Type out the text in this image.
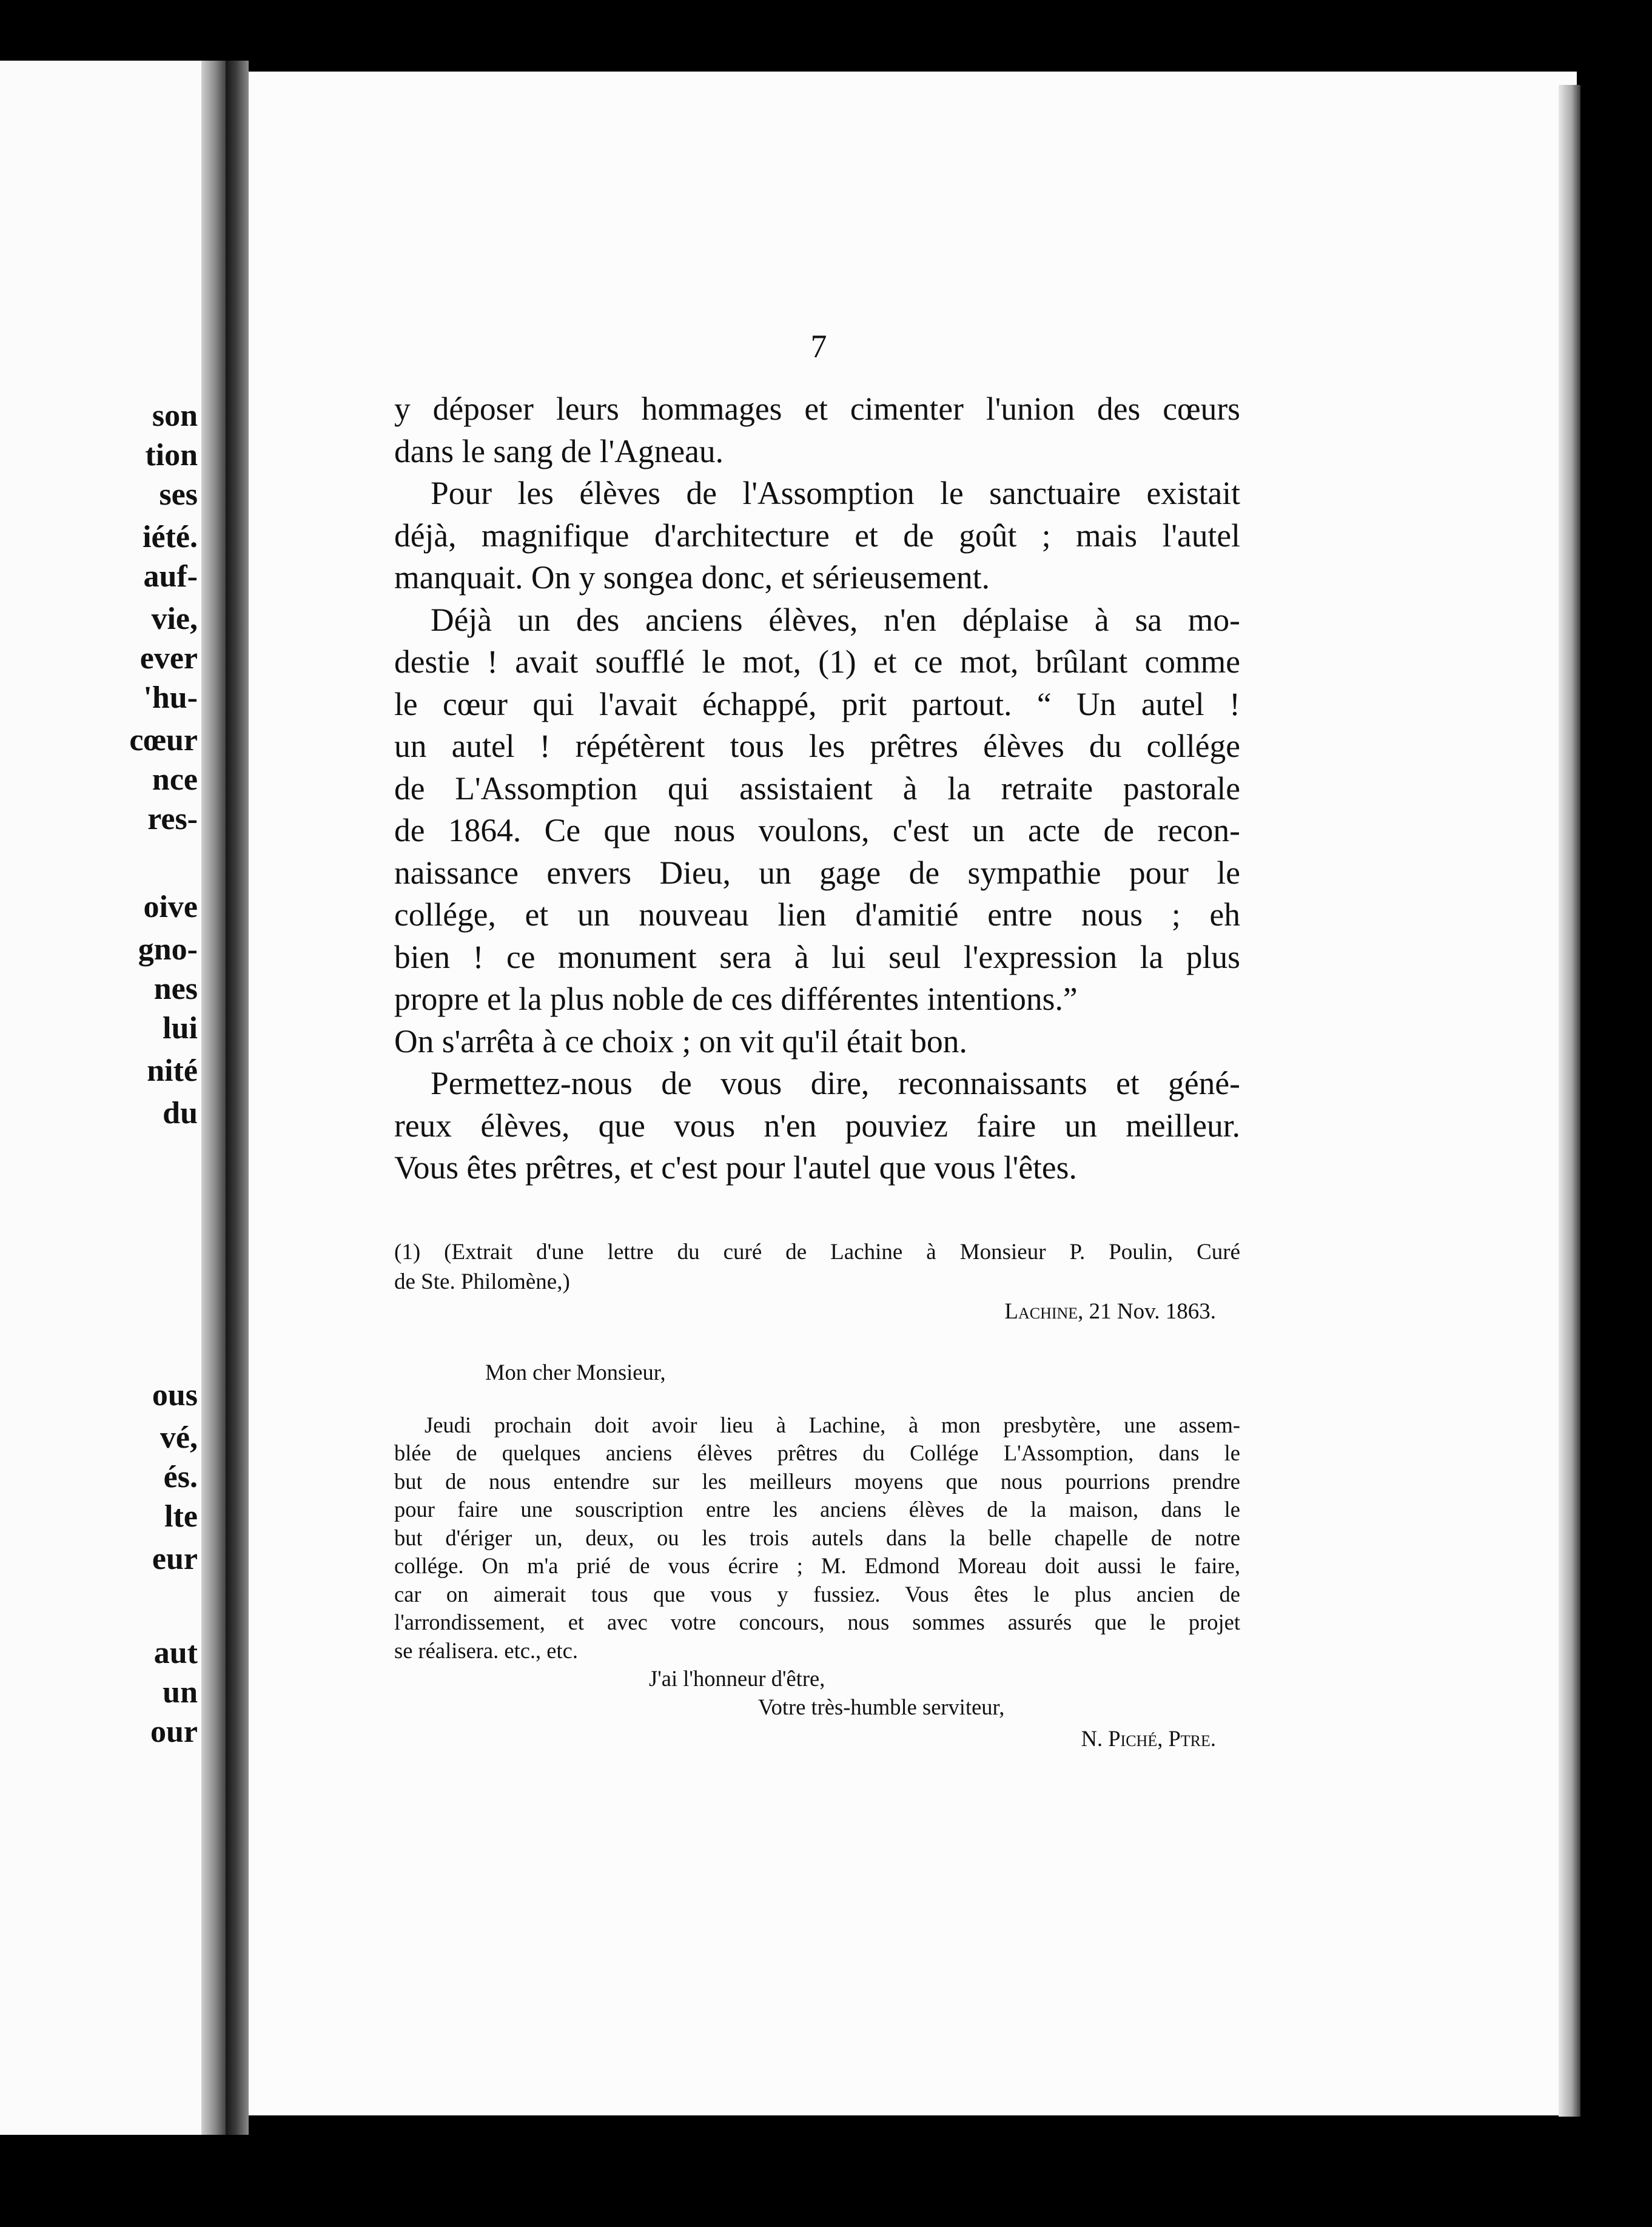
son
tion
ses
iété.
auf-
vie,
ever
'hu-
cœur
nce
res-
oive
gno-
nes
lui
nité
du
ous
vé,
és.
lte
eur
aut
un
our
7
y déposer leurs hommages et cimenter l'union des cœurs
dans le sang de l'Agneau.
Pour les élèves de l'Assomption le sanctuaire existait
déjà, magnifique d'architecture et de goût ; mais l'autel
manquait. On y songea donc, et sérieusement.
Déjà un des anciens élèves, n'en déplaise à sa mo-
destie ! avait soufflé le mot, (1) et ce mot, brûlant comme
le cœur qui l'avait échappé, prit partout. “ Un autel !
un autel ! répétèrent tous les prêtres élèves du collége
de L'Assomption qui assistaient à la retraite pastorale
de 1864. Ce que nous voulons, c'est un acte de recon-
naissance envers Dieu, un gage de sympathie pour le
collége, et un nouveau lien d'amitié entre nous ; eh
bien ! ce monument sera à lui seul l'expression la plus
propre et la plus noble de ces différentes intentions.”
On s'arrêta à ce choix ; on vit qu'il était bon.
Permettez-nous de vous dire, reconnaissants et géné-
reux élèves, que vous n'en pouviez faire un meilleur.
Vous êtes prêtres, et c'est pour l'autel que vous l'êtes.
(1) (Extrait d'une lettre du curé de Lachine à Monsieur P. Poulin, Curé
de Ste. Philomène,)
Lachine, 21 Nov. 1863.
Mon cher Monsieur,
Jeudi prochain doit avoir lieu à Lachine, à mon presbytère, une assem-
blée de quelques anciens élèves prêtres du Collége L'Assomption, dans le
but de nous entendre sur les meilleurs moyens que nous pourrions prendre
pour faire une souscription entre les anciens élèves de la maison, dans le
but d'ériger un, deux, ou les trois autels dans la belle chapelle de notre
collége. On m'a prié de vous écrire ; M. Edmond Moreau doit aussi le faire,
car on aimerait tous que vous y fussiez. Vous êtes le plus ancien de
l'arrondissement, et avec votre concours, nous sommes assurés que le projet
se réalisera. etc., etc.
J'ai l'honneur d'être,
Votre très-humble serviteur,
N. Piché, Ptre.
